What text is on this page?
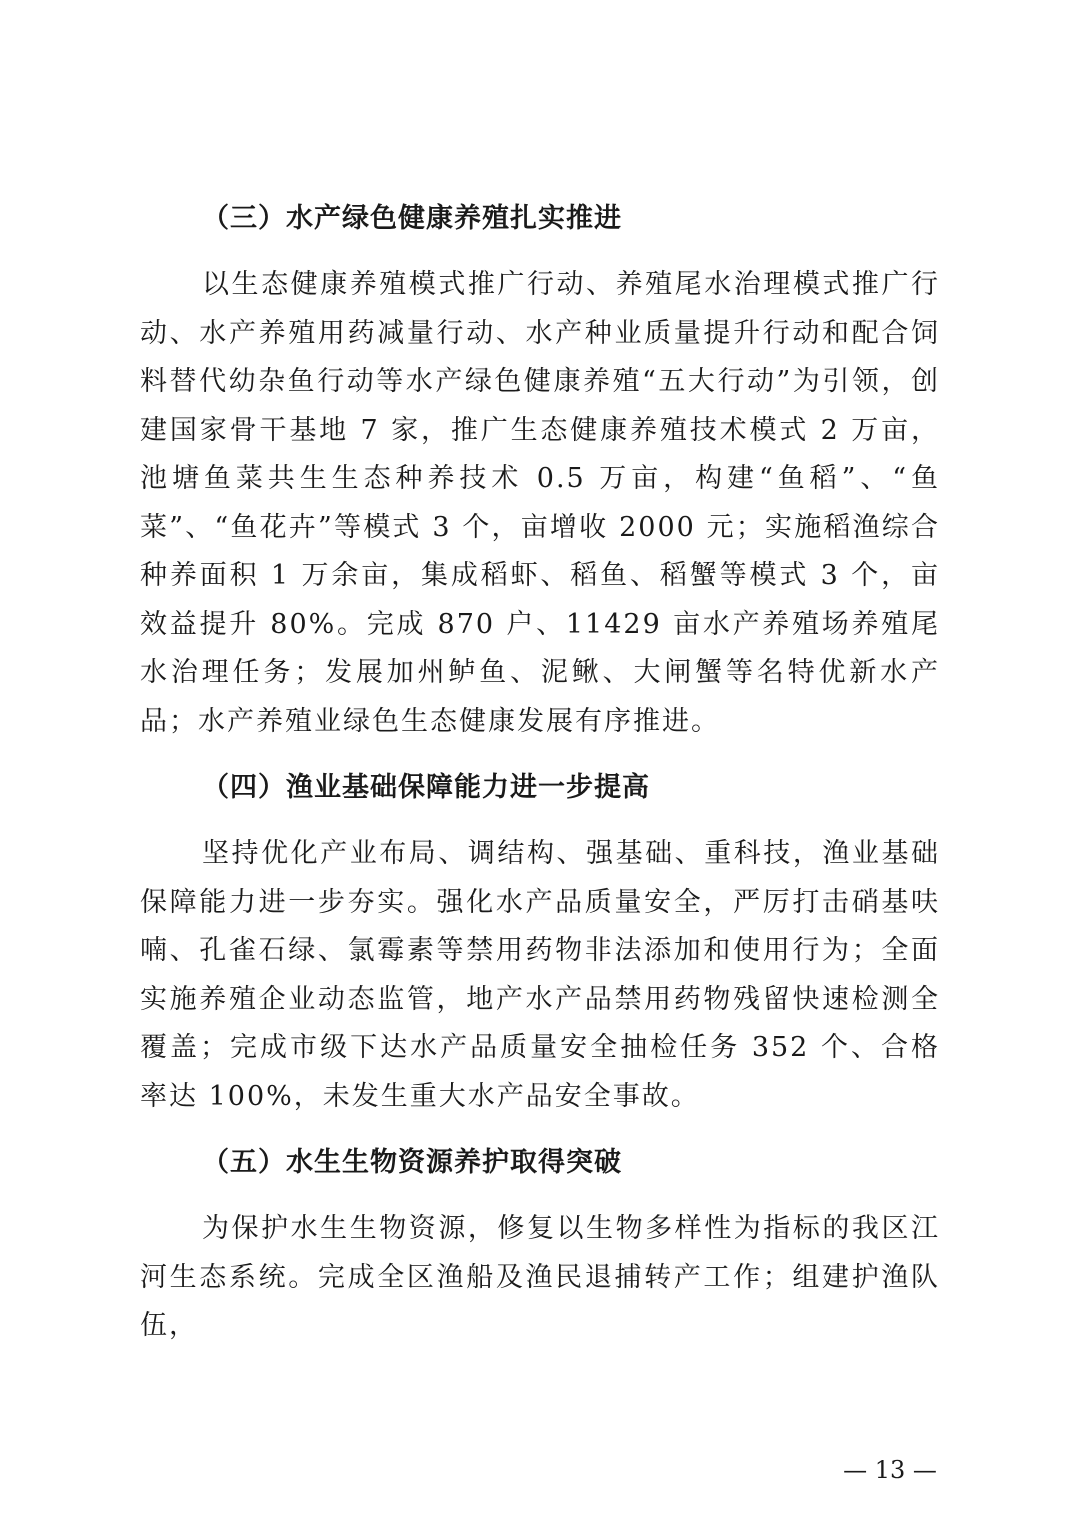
（三）水产绿色健康养殖扎实推进

以生态健康养殖模式推广行动、养殖尾水治理模式推广行动、水产养殖用药减量行动、水产种业质量提升行动和配合饲料替代幼杂鱼行动等水产绿色健康养殖“五大行动”为引领，创建国家骨干基地 7 家，推广生态健康养殖技术模式 2 万亩，池塘鱼菜共生生态种养技术 0.5 万亩，构建“鱼稻”、“鱼菜”、“鱼花卉”等模式 3 个，亩增收 2000 元；实施稻渔综合种养面积 1 万余亩，集成稻虾、稻鱼、稻蟹等模式 3 个，亩效益提升 80%。完成 870 户、11429 亩水产养殖场养殖尾水治理任务；发展加州鲈鱼、泥鳅、大闸蟹等名特优新水产品；水产养殖业绿色生态健康发展有序推进。

（四）渔业基础保障能力进一步提高

坚持优化产业布局、调结构、强基础、重科技，渔业基础保障能力进一步夯实。强化水产品质量安全，严厉打击硝基呋喃、孔雀石绿、氯霉素等禁用药物非法添加和使用行为；全面实施养殖企业动态监管，地产水产品禁用药物残留快速检测全覆盖；完成市级下达水产品质量安全抽检任务 352 个、合格率达 100%，未发生重大水产品安全事故。

（五）水生生物资源养护取得突破

为保护水生生物资源，修复以生物多样性为指标的我区江河生态系统。完成全区渔船及渔民退捕转产工作；组建护渔队伍，

— 13 —
